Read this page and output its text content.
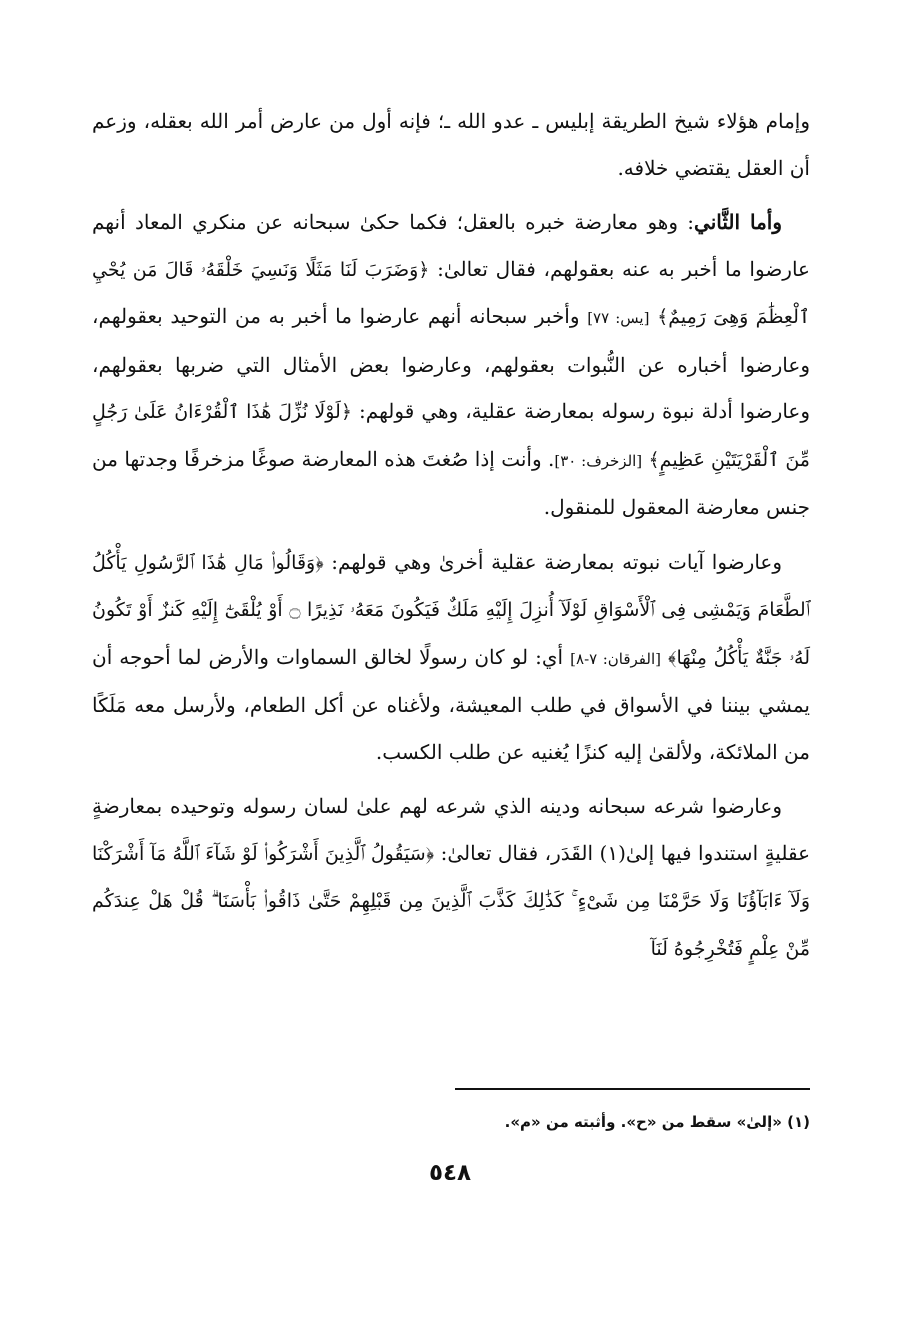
وإمام هؤلاء شيخ الطريقة إبليس ـ عدو الله ـ؛ فإنه أول من عارض أمر الله بعقله، وزعم أن العقل يقتضي خلافه.

وأما الثَّاني: وهو معارضة خبره بالعقل؛ فكما حكىٰ سبحانه عن منكري المعاد أنهم عارضوا ما أخبر به عنه بعقولهم، فقال تعالىٰ: ﴿وَضَرَبَ لَنَا مَثَلًا وَنَسِيَ خَلْقَهُۥ قَالَ مَن يُحْيِ ٱلْعِظَٰمَ وَهِىَ رَمِيمٌ﴾ [يس: ٧٧] وأخبر سبحانه أنهم عارضوا ما أخبر به من التوحيد بعقولهم، وعارضوا أخباره عن النُّبوات بعقولهم، وعارضوا بعض الأمثال التي ضربها بعقولهم، وعارضوا أدلة نبوة رسوله بمعارضة عقلية، وهي قولهم: ﴿لَوْلَا نُزِّلَ هَٰذَا ٱلْقُرْءَانُ عَلَىٰ رَجُلٍ مِّنَ ٱلْقَرْيَتَيْنِ عَظِيمٍ﴾ [الزخرف: ٣٠]. وأنت إذا صُغتَ هذه المعارضة صوغًا مزخرفًا وجدتها من جنس معارضة المعقول للمنقول.

وعارضوا آيات نبوته بمعارضة عقلية أخرىٰ وهي قولهم: ﴿وَقَالُوا۟ مَالِ هَٰذَا ٱلرَّسُولِ يَأْكُلُ ٱلطَّعَامَ وَيَمْشِى فِى ٱلْأَسْوَاقِ لَوْلَآ أُنزِلَ إِلَيْهِ مَلَكٌ فَيَكُونَ مَعَهُۥ نَذِيرًا ۝ أَوْ يُلْقَىٰٓ إِلَيْهِ كَنزٌ أَوْ تَكُونُ لَهُۥ جَنَّةٌ يَأْكُلُ مِنْهَا﴾ [الفرقان: ٧-٨] أي: لو كان رسولًا لخالق السماوات والأرض لما أحوجه أن يمشي بيننا في الأسواق في طلب المعيشة، ولأغناه عن أكل الطعام، ولأرسل معه مَلَكًا من الملائكة، ولألقىٰ إليه كنزًا يُغنيه عن طلب الكسب.

وعارضوا شرعه سبحانه ودينه الذي شرعه لهم علىٰ لسان رسوله وتوحيده بمعارضةٍ عقليةٍ استندوا فيها إلىٰ(١) القَدَر، فقال تعالىٰ: ﴿سَيَقُولُ ٱلَّذِينَ أَشْرَكُوا۟ لَوْ شَآءَ ٱللَّهُ مَآ أَشْرَكْنَا وَلَآ ءَابَآؤُنَا وَلَا حَرَّمْنَا مِن شَىْءٍ ۚ كَذَٰلِكَ كَذَّبَ ٱلَّذِينَ مِن قَبْلِهِمْ حَتَّىٰ ذَاقُوا۟ بَأْسَنَا ۗ قُلْ هَلْ عِندَكُم مِّنْ عِلْمٍ فَتُخْرِجُوهُ لَنَآ

(١) «إلىٰ» سقط من «ح». وأثبته من «م».
٥٤٨
